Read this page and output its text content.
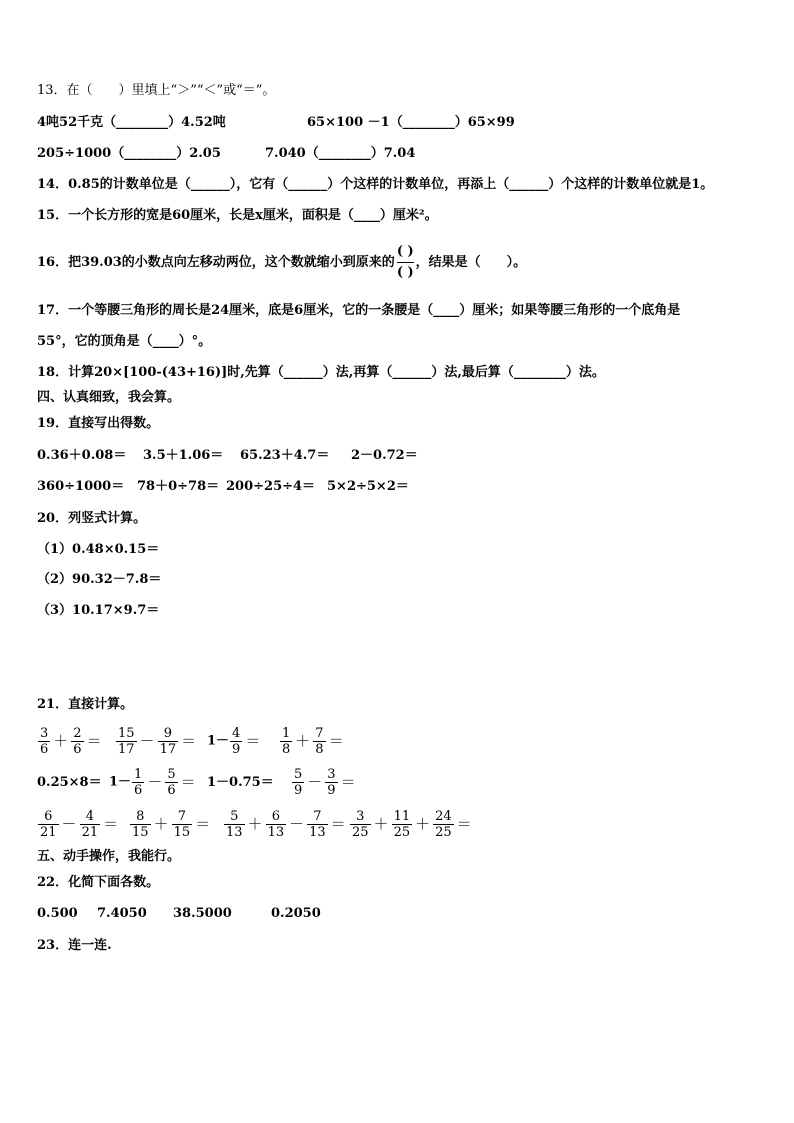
13．在（　　）里填上“＞”“＜”或“＝”。
4吨52千克（________）4.52吨	65×100 －1（________）65×99
205÷1000（________）2.05	7.040（________）7.04
14．0.85的计数单位是（______），它有（______）个这样的计数单位，再添上（______）个这样的计数单位就是1。
15．一个长方形的宽是60厘米，长是x厘米，面积是（____）厘米²。
16．把39.03的小数点向左移动两位，这个数就缩小到原来的 $\frac{( )}{( )}$ ，结果是（　　）。
17．一个等腰三角形的周长是24厘米，底是6厘米，它的一条腰是（____）厘米；如果等腰三角形的一个底角是
55°，它的顶角是（____）°。
18．计算20×[100-(43+16)]时,先算（______）法,再算（______）法,最后算（________）法。
四、认真细致，我会算。
19．直接写出得数。
0.36＋0.08＝ 3.5＋1.06＝ 65.23＋4.7＝ 2－0.72＝
360÷1000＝ 78＋0÷78＝ 200÷25÷4＝ 5×2÷5×2＝
20．列竖式计算。
（1）0.48×0.15＝
（2）90.32－7.8＝
（3）10.17×9.7＝
21．直接计算。
$\frac{3}{6} + \frac{2}{6} = \frac{15}{17} - \frac{9}{17} = 1- \frac{4}{9} = \frac{1}{8} + \frac{7}{8}$ ＝
$0.25\times 8= 1- \frac{1}{6} - \frac{5}{6} = 1-0.75= \frac{5}{9} - \frac{3}{9}$ ＝
$\frac{6}{21} - \frac{4}{21} = \frac{8}{15} + \frac{7}{15} = \frac{5}{13} + \frac{6}{13} - \frac{7}{13} = \frac{3}{25} + \frac{11}{25} + \frac{24}{25}$ ＝
五、动手操作，我能行。
22．化简下面各数。
0.500 7.4050 38.5000	0.2050
23．连一连.
